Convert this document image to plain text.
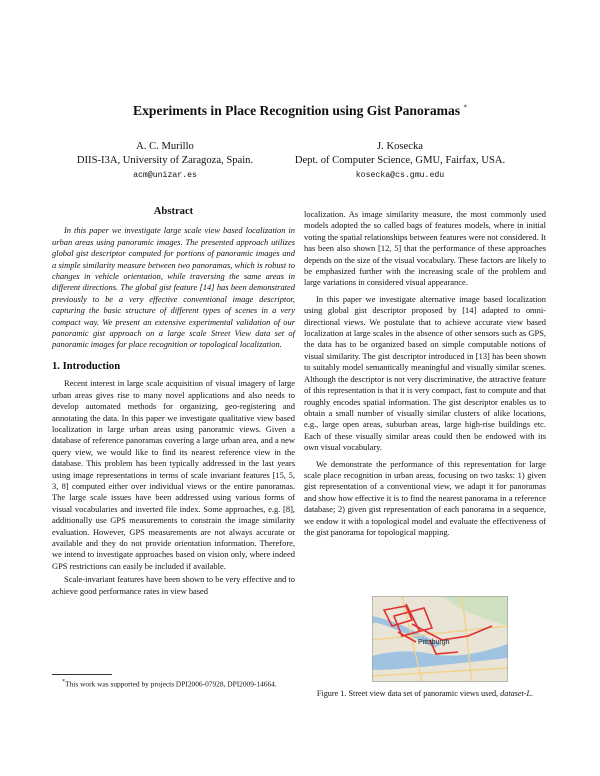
Experiments in Place Recognition using Gist Panoramas *
A. C. Murillo
DIIS-I3A, University of Zaragoza, Spain.
acm@unizar.es
J. Kosecka
Dept. of Computer Science, GMU, Fairfax, USA.
kosecka@cs.gmu.edu
Abstract

In this paper we investigate large scale view based localization in urban areas using panoramic images. The presented approach utilizes global gist descriptor computed for portions of panoramic images and a simple similarity measure between two panoramas, which is robust to changes in vehicle orientation, while traversing the same areas in different directions. The global gist feature [14] has been demonstrated previously to be a very effective conventional image descriptor, capturing the basic structure of different types of scenes in a very compact way. We present an extensive experimental validation of our panoramic gist approach on a large scale Street View data set of panoramic images for place recognition or topological localization.

1. Introduction

Recent interest in large scale acquisition of visual imagery of large urban areas gives rise to many novel applications and also needs to develop automated methods for organizing, geo-registering and annotating the data. In this paper we investigate qualitative view based localization in large urban areas using panoramic views. Given a database of reference panoramas covering a large urban area, and a new query view, we would like to find its nearest reference view in the database. This problem has been typically addressed in the last years using image representations in terms of scale invariant features [15, 5, 3, 8] computed either over individual views or the entire panoramas. The large scale issues have been addressed using various forms of visual vocabularies and inverted file index. Some approaches, e.g. [8], additionally use GPS measurements to constrain the image similarity evaluation. However, GPS measurements are not always accurate or available and they do not provide orientation information. Therefore, we intend to investigate approaches based on vision only, where indeed GPS restrictions can easily be included if available.

Scale-invariant features have been shown to be very effective and to achieve good performance rates in view based

*This work was supported by projects DPI2006-07928, DPI2009-14664.

localization. As image similarity measure, the most commonly used models adopted the so called bags of features models, where in initial voting the spatial relationships between features were not considered. It has been also shown [12, 5] that the performance of these approaches depends on the size of the visual vocabulary. These factors are likely to be emphasized further with the increasing scale of the problem and large variations in considered visual appearance.

In this paper we investigate alternative image based localization using global gist descriptor proposed by [14] adapted to omni-directional views. We postulate that to achieve accurate view based localization at large scales in the absence of other sensors such as GPS, the data has to be organized based on simple computable notions of visual similarity. The gist descriptor introduced in [13] has been shown to suitably model semantically meaningful and visually similar scenes. Although the descriptor is not very discriminative, the attractive feature of this representation is that it is very compact, fast to compute and that roughly encodes spatial information. The gist descriptor enables us to obtain a small number of visually similar clusters of alike locations, e.g., large open areas, suburban areas, large high-rise buildings etc. Each of these visually similar areas could then be endowed with its own visual vocabulary.

We demonstrate the performance of this representation for large scale place recognition in urban areas, focusing on two tasks: 1) given gist representation of a conventional view, we adapt it for panoramas and show how effective it is to find the nearest panorama in a reference database; 2) given gist representation of each panorama in a sequence, we endow it with a topological model and evaluate the effectiveness of the gist panorama for topological mapping.

Pittsburgh
Figure 1. Street view data set of panoramic views used, dataset-L.
